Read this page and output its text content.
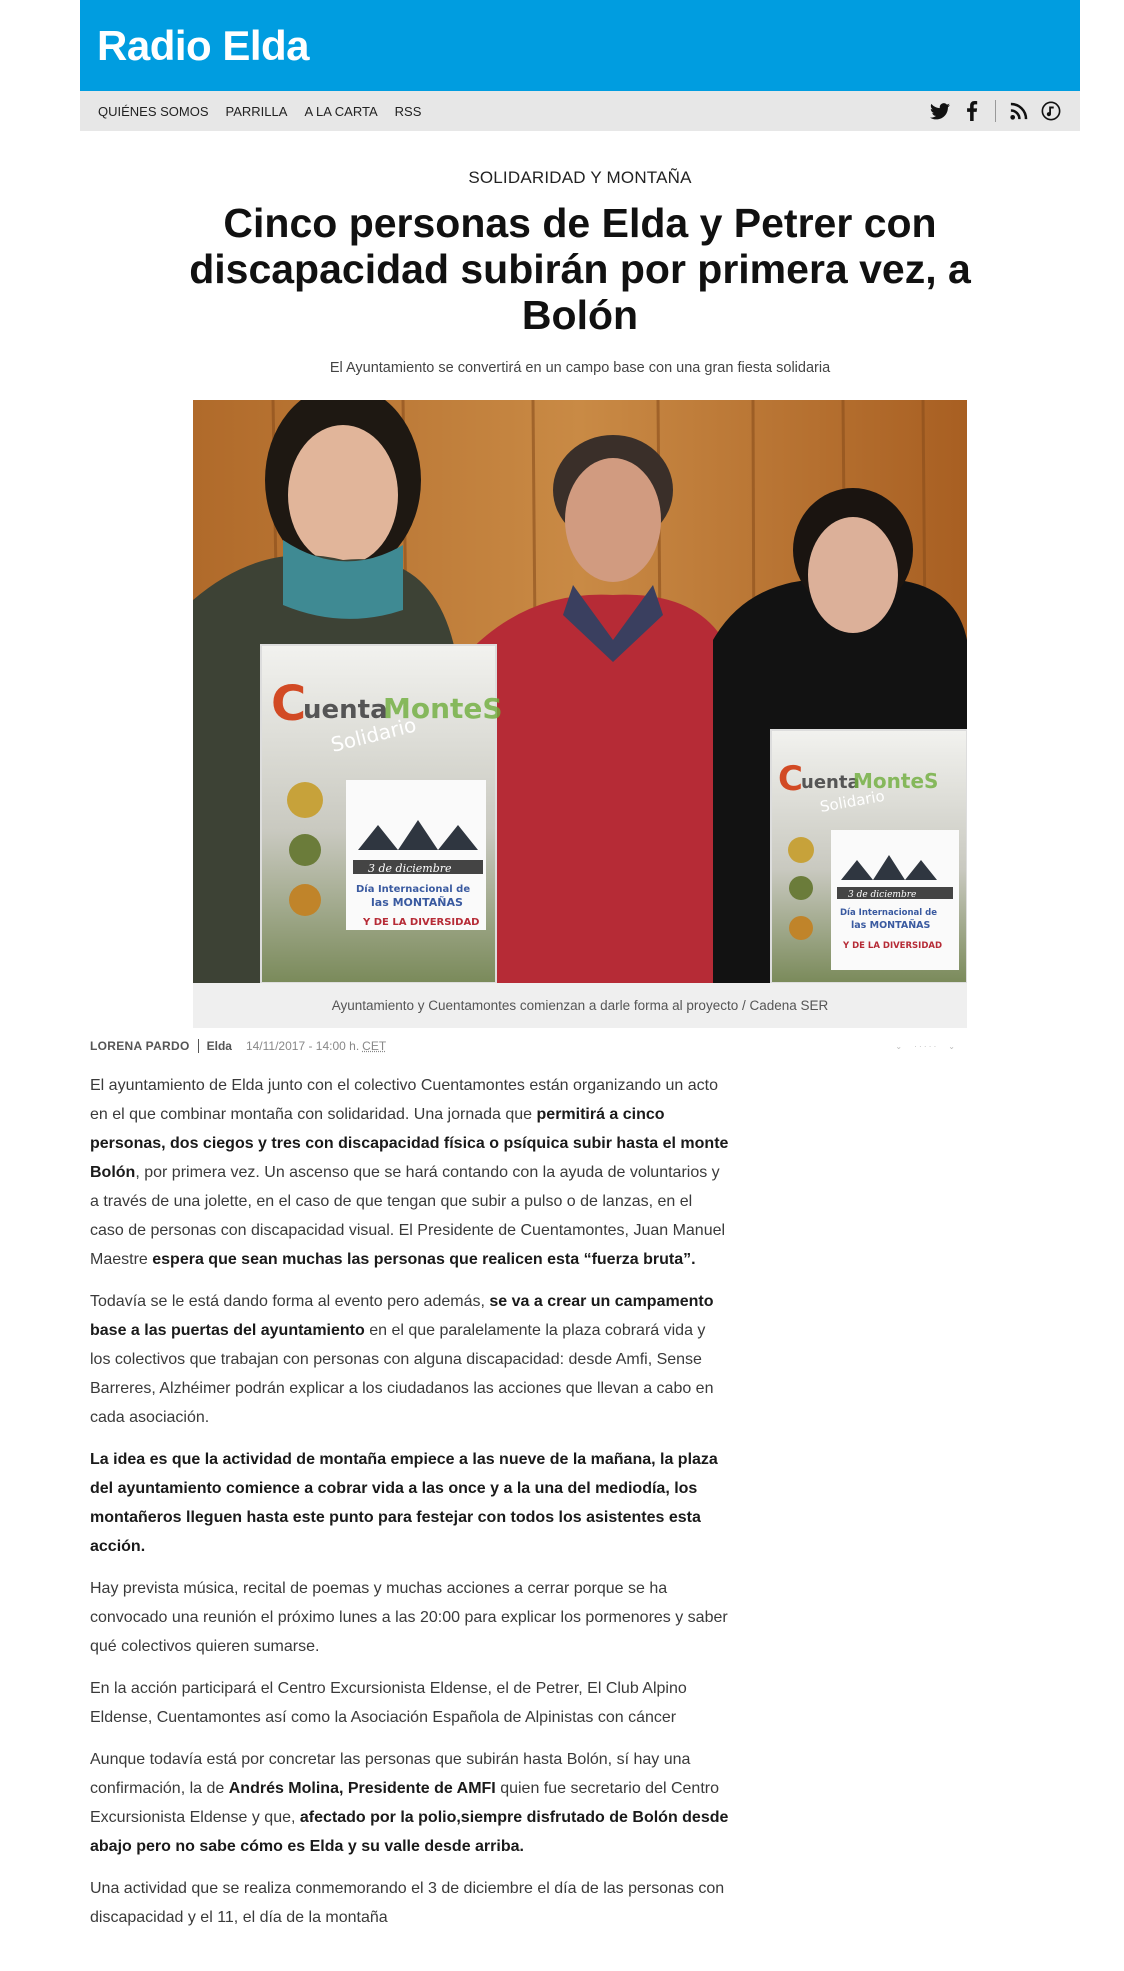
Radio Elda
QUIÉNES SOMOS PARRILLA A LA CARTA RSS
SOLIDARIDAD Y MONTAÑA
Cinco personas de Elda y Petrer con discapacidad subirán por primera vez, a Bolón
El Ayuntamiento se convertirá en un campo base con una gran fiesta solidaria
C
uenta
MonteS
Solidario
3 de diciembre
Día Internacional de
las MONTAÑAS
Y DE LA DIVERSIDAD
C
uenta
MonteS
Solidario
3 de diciembre
Día Internacional de
las MONTAÑAS
Y DE LA DIVERSIDAD
Ayuntamiento y Cuentamontes comienzan a darle forma al proyecto / Cadena SER
LORENA PARDO Elda 14/11/2017 - 14:00 h. CET	⌄ · · · · · ⌄

El ayuntamiento de Elda junto con el colectivo Cuentamontes están organizando un acto en el que combinar montaña con solidaridad. Una jornada que permitirá a cinco personas, dos ciegos y tres con discapacidad física o psíquica subir hasta el monte Bolón, por primera vez. Un ascenso que se hará contando con la ayuda de voluntarios y a través de una jolette, en el caso de que tengan que subir a pulso o de lanzas, en el caso de personas con discapacidad visual. El Presidente de Cuentamontes, Juan Manuel Maestre espera que sean muchas las personas que realicen esta “fuerza bruta”.

Todavía se le está dando forma al evento pero además, se va a crear un campamento base a las puertas del ayuntamiento en el que paralelamente la plaza cobrará vida y los colectivos que trabajan con personas con alguna discapacidad: desde Amfi, Sense Barreres, Alzhéimer podrán explicar a los ciudadanos las acciones que llevan a cabo en cada asociación.

La idea es que la actividad de montaña empiece a las nueve de la mañana, la plaza del ayuntamiento comience a cobrar vida a las once y a la una del mediodía, los montañeros lleguen hasta este punto para festejar con todos los asistentes esta acción.

Hay prevista música, recital de poemas y muchas acciones a cerrar porque se ha convocado una reunión el próximo lunes a las 20:00 para explicar los pormenores y saber qué colectivos quieren sumarse.

En la acción participará el Centro Excursionista Eldense, el de Petrer, El Club Alpino Eldense, Cuentamontes así como la Asociación Española de Alpinistas con cáncer

Aunque todavía está por concretar las personas que subirán hasta Bolón, sí hay una confirmación, la de Andrés Molina, Presidente de AMFI quien fue secretario del Centro Excursionista Eldense y que, afectado por la polio,siempre disfrutado de Bolón desde abajo pero no sabe cómo es Elda y su valle desde arriba.

Una actividad que se realiza conmemorando el 3 de diciembre el día de las personas con discapacidad y el 11, el día de la montaña
